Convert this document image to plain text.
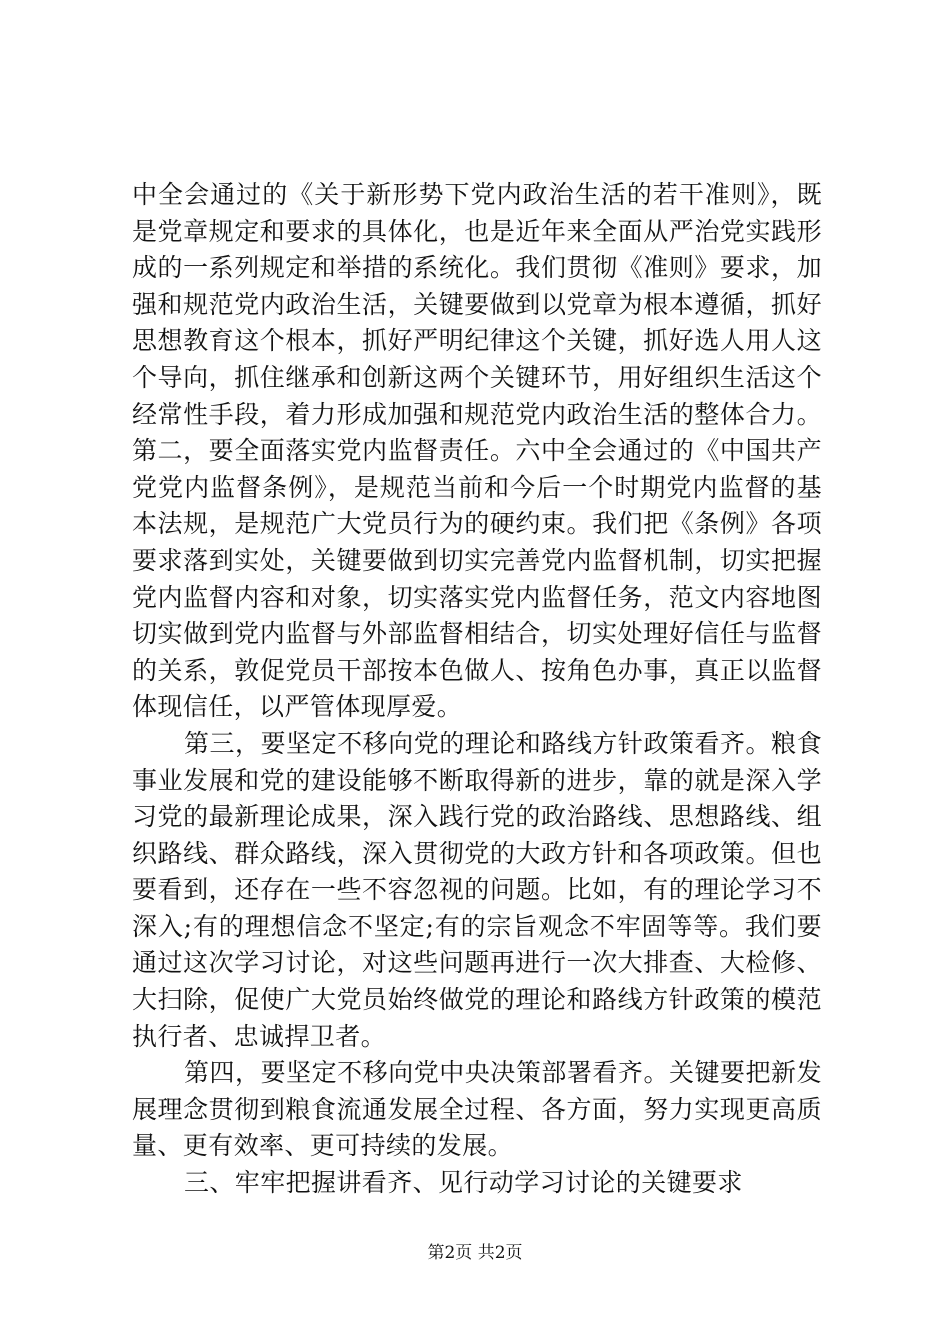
中全会通过的《关于新形势下党内政治生活的若干准则》，既
是党章规定和要求的具体化，也是近年来全面从严治党实践形
成的一系列规定和举措的系统化。我们贯彻《准则》要求，加
强和规范党内政治生活，关键要做到以党章为根本遵循，抓好
思想教育这个根本，抓好严明纪律这个关键，抓好选人用人这
个导向，抓住继承和创新这两个关键环节，用好组织生活这个
经常性手段，着力形成加强和规范党内政治生活的整体合力。
第二，要全面落实党内监督责任。六中全会通过的《中国共产
党党内监督条例》，是规范当前和今后一个时期党内监督的基
本法规，是规范广大党员行为的硬约束。我们把《条例》各项
要求落到实处，关键要做到切实完善党内监督机制，切实把握
党内监督内容和对象，切实落实党内监督任务，范文内容地图
切实做到党内监督与外部监督相结合，切实处理好信任与监督
的关系，敦促党员干部按本色做人、按角色办事，真正以监督
体现信任，以严管体现厚爱。
第三，要坚定不移向党的理论和路线方针政策看齐。粮食
事业发展和党的建设能够不断取得新的进步，靠的就是深入学
习党的最新理论成果，深入践行党的政治路线、思想路线、组
织路线、群众路线，深入贯彻党的大政方针和各项政策。但也
要看到，还存在一些不容忽视的问题。比如，有的理论学习不
深入;有的理想信念不坚定;有的宗旨观念不牢固等等。我们要
通过这次学习讨论，对这些问题再进行一次大排查、大检修、
大扫除，促使广大党员始终做党的理论和路线方针政策的模范
执行者、忠诚捍卫者。
第四，要坚定不移向党中央决策部署看齐。关键要把新发
展理念贯彻到粮食流通发展全过程、各方面，努力实现更高质
量、更有效率、更可持续的发展。
三、牢牢把握讲看齐、见行动学习讨论的关键要求
第2页 共2页
